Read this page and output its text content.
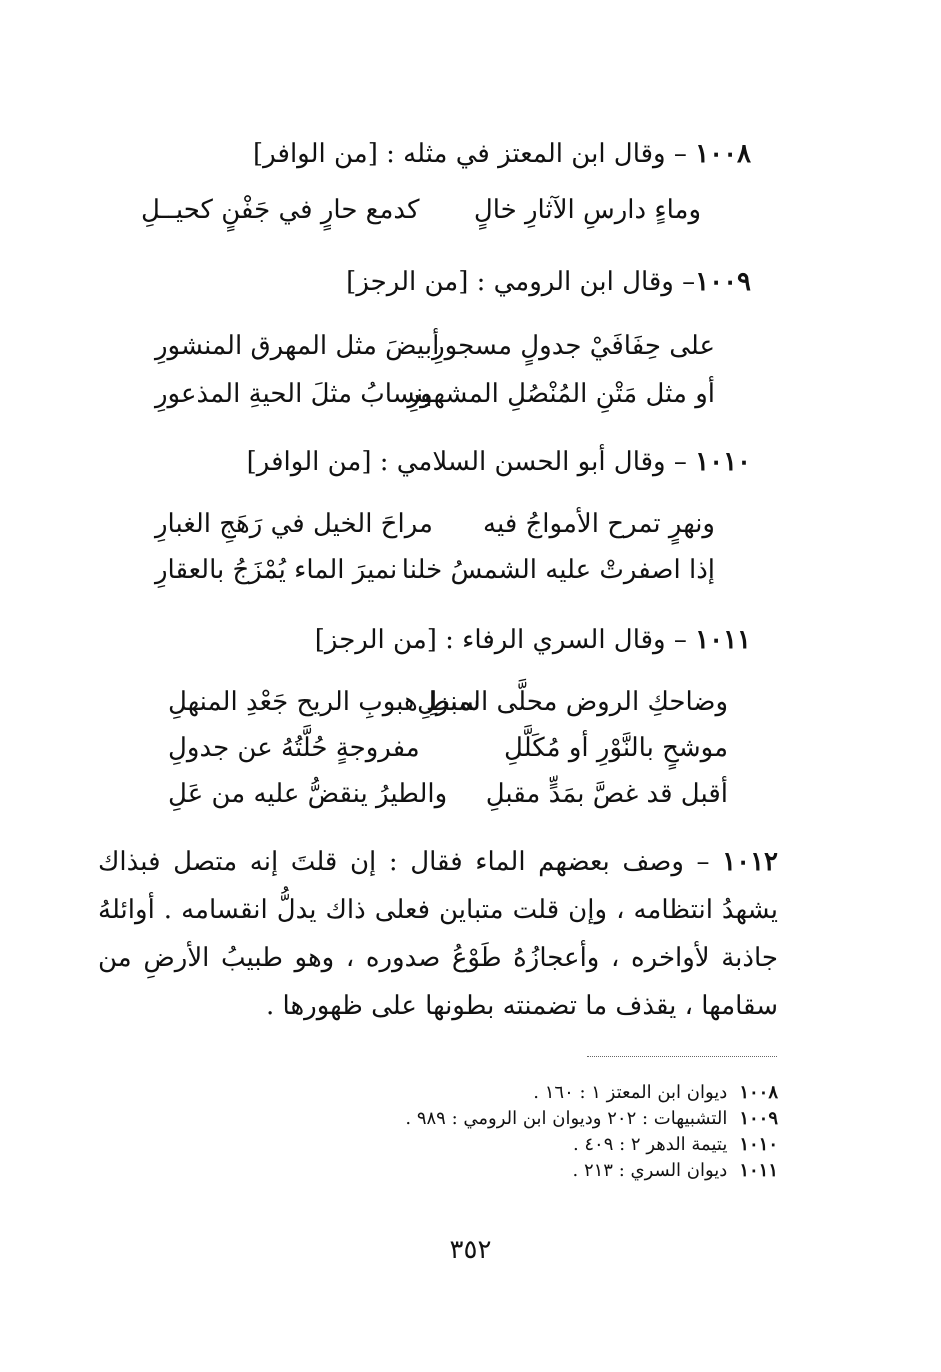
١٠٠٨ – وقال ابن المعتز في مثله : [من الوافر]
وماءٍ دارسِ الآثارِ خالٍ
كدمع حارٍ في جَفْنٍ كحيــلِ
١٠٠٩– وقال ابن الرومي : [من الرجز]
على حِفَافَيْ جدولٍ مسجورِ
أبيضَ مثل المهرق المنشورِ
أو مثل مَتْنِ المُنْصُلِ المشهورِ
ينسابُ مثلَ الحيةِ المذعورِ
١٠١٠ – وقال أبو الحسن السلامي : [من الوافر]
ونهرٍ تمرح الأمواجُ فيه
مراحَ الخيل في رَهَجِ الغبارِ
إذا اصفرتْ عليه الشمسُ خلنا
نميرَ الماء يُمْزَجُ بالعقارِ
١٠١١ – وقال السري الرفاء : [من الرجز]
وضاحكِ الروض محلَّى المنزلِ
سبطِ هبوبِ الريح جَعْدِ المنهلِ
موشحٍ بالنَّوْرِ أو مُكَلَّلِ
مفروجةٍ حُلَّتُهُ عن جدولِ
أقبل قد غصَّ بمَدٍّ مقبلِ
والطيرُ ينقضُّ عليه من عَلِ
١٠١٢ – وصف بعضهم الماء فقال : إن قلتَ إنه متصل فبذاك يشهدُ انتظامه ، وإن قلت متباين فعلى ذاك يدلُّ انقسامه . أوائلهُ جاذبة لأواخره ، وأعجازُهُ طَوْعُ صدوره ، وهو طبيبُ الأرضِ من سقامها ، يقذف ما تضمنته بطونها على ظهورها .
١٠٠٨ديوان ابن المعتز ١ : ١٦٠ .
١٠٠٩التشبيهات : ٢٠٢ وديوان ابن الرومي : ٩٨٩ .
١٠١٠يتيمة الدهر ٢ : ٤٠٩ .
١٠١١ديوان السري : ٢١٣ .
٣٥٢
